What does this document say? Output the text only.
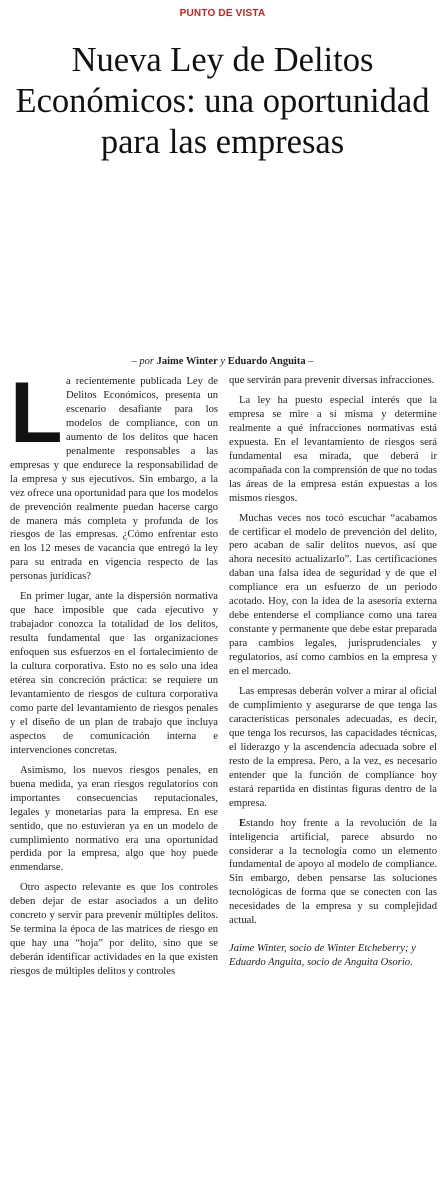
PUNTO DE VISTA
Nueva Ley de Delitos Económicos: una oportunidad para las empresas
– por Jaime Winter y Eduardo Anguita –

La recientemente publicada Ley de Delitos Económicos, presenta un escenario desafiante para los modelos de compliance, con un aumento de los delitos que hacen penalmente responsables a las empresas y que endurece la responsabilidad de la empresa y sus ejecutivos. Sin embargo, a la vez ofrece una oportunidad para que los modelos de prevención realmente puedan hacerse cargo de manera más completa y profunda de los riesgos de las empresas. ¿Cómo enfrentar esto en los 12 meses de vacancia que entregó la ley para su entrada en vigencia respecto de las personas jurídicas?

En primer lugar, ante la dispersión normativa que hace imposible que cada ejecutivo y trabajador conozca la totalidad de los delitos, resulta fundamental que las organizaciones enfoquen sus esfuerzos en el fortalecimiento de la cultura corporativa. Esto no es solo una idea etérea sin concreción práctica: se requiere un levantamiento de riesgos de cultura corporativa como parte del levantamiento de riesgos penales y el diseño de un plan de trabajo que incluya aspectos de comunicación interna e intervenciones concretas.

Asimismo, los nuevos riesgos penales, en buena medida, ya eran riesgos regulatorios con importantes consecuencias reputacionales, legales y monetarias para la empresa. En ese sentido, que no estuvieran ya en un modelo de cumplimiento normativo era una oportunidad perdida por la empresa, algo que hoy puede enmendarse.

Otro aspecto relevante es que los controles deben dejar de estar asociados a un delito concreto y servir para prevenir múltiples delitos. Se termina la época de las matrices de riesgo en que hay una “hoja” por delito, sino que se deberán identificar actividades en la que existen riesgos de múltiples delitos y controles

que servirán para prevenir diversas infracciones.

La ley ha puesto especial interés que la empresa se mire a sí misma y determine realmente a qué infracciones normativas está expuesta. En el levantamiento de riesgos será fundamental esa mirada, que deberá ir acompañada con la comprensión de que no todas las áreas de la empresa están expuestas a los mismos riesgos.

Muchas veces nos tocó escuchar “acabamos de certificar el modelo de prevención del delito, pero acaban de salir delitos nuevos, así que ahora necesito actualizarlo”. Las certificaciones daban una falsa idea de seguridad y de que el compliance era un esfuerzo de un periodo acotado. Hoy, con la idea de la asesoría externa debe entenderse el compliance como una tarea constante y permanente que debe estar preparada para cambios legales, jurisprudenciales y regulatorios, así como cambios en la empresa y en el mercado.

Las empresas deberán volver a mirar al oficial de cumplimiento y asegurarse de que tenga las características personales adecuadas, es decir, que tenga los recursos, las capacidades técnicas, el liderazgo y la ascendencia adecuada sobre el resto de la empresa. Pero, a la vez, es necesario entender que la función de compliance hoy estará repartida en distintas figuras dentro de la empresa.

Estando hoy frente a la revolución de la inteligencia artificial, parece absurdo no considerar a la tecnología como un elemento fundamental de apoyo al modelo de compliance. Sin embargo, deben pensarse las soluciones tecnológicas de forma que se conecten con las necesidades de la empresa y su complejidad actual.

Jaime Winter, socio de Winter Etcheberry; y Eduardo Anguita, socio de Anguita Osorio.
